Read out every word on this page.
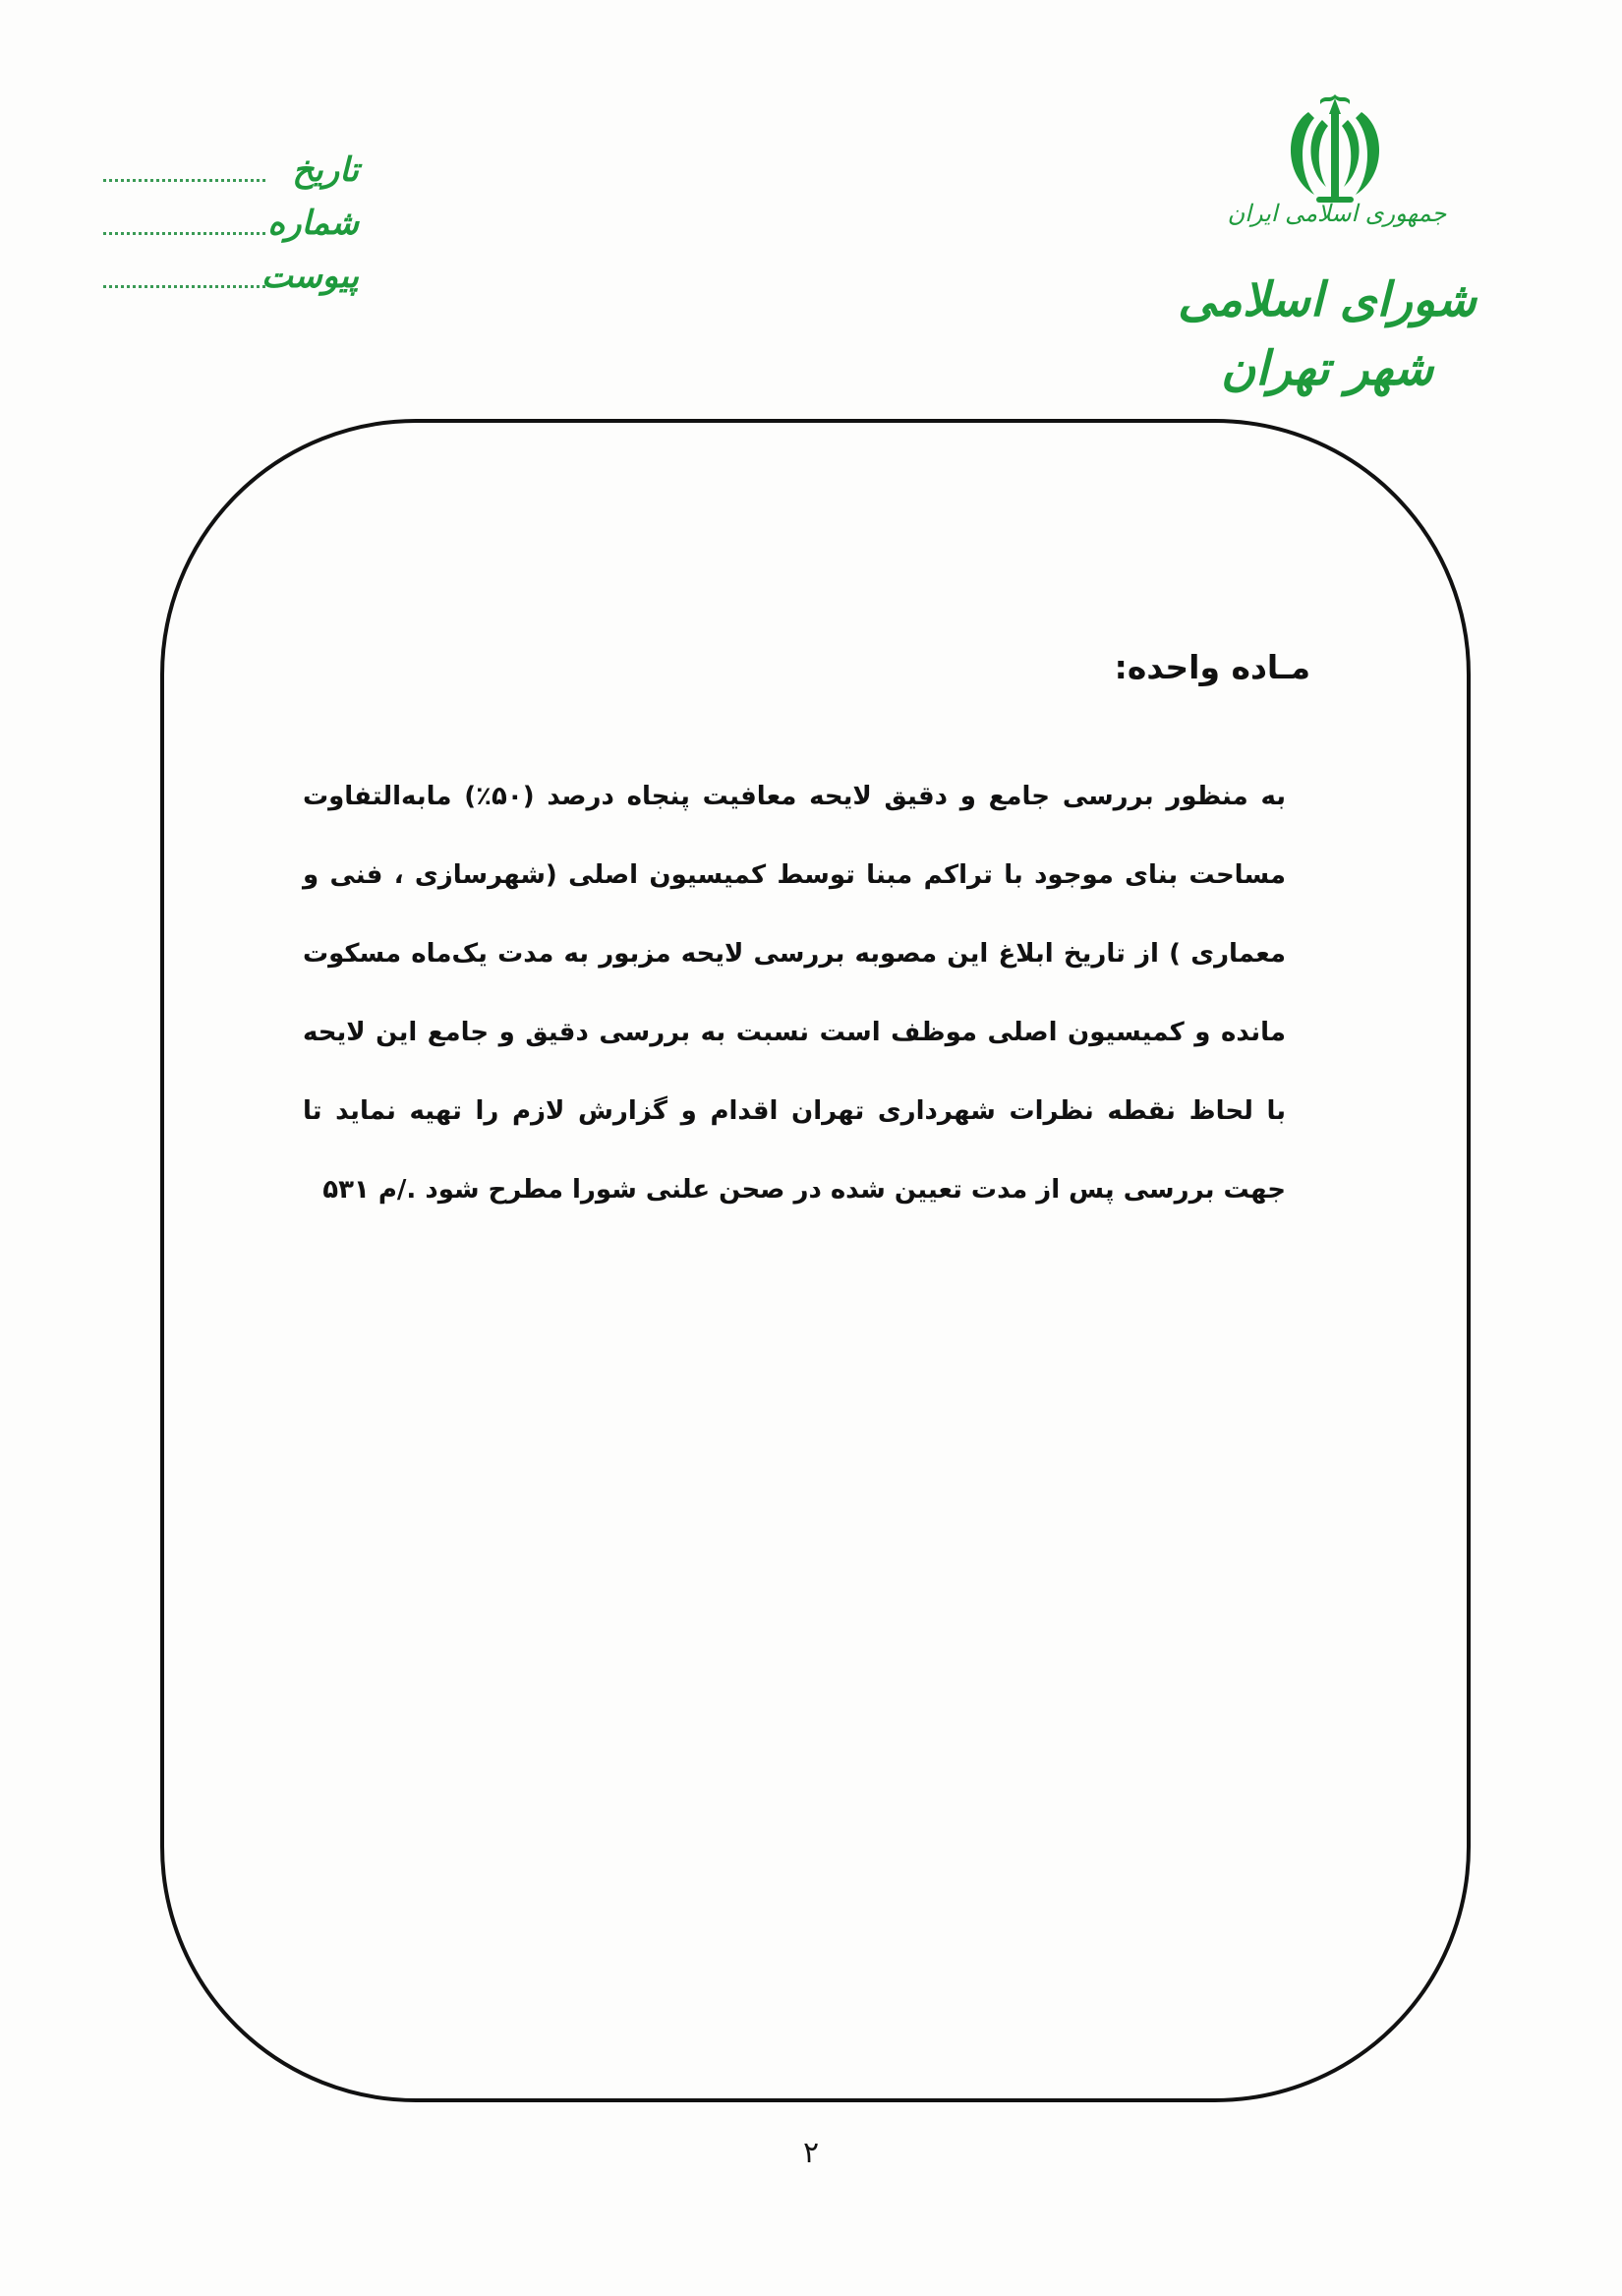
جمهوری اسلامی ایران
شورای اسلامی شهر تهران
تاریخ
شماره
پیوست
مـاده واحده:

به منظور بررسی جامع و دقیق لایحه معافیت پنجاه درصد (۵۰٪) مابه‌التفاوت مساحت بنای موجود با تراکم مبنا توسط کمیسیون اصلی (شهرسازی ، فنی و معماری ) از تاریخ ابلاغ این مصوبه بررسی لایحه مزبور به مدت یک‌ماه مسکوت مانده و کمیسیون اصلی موظف است نسبت به بررسی دقیق و جامع این لایحه با لحاظ نقطه نظرات شهرداری تهران اقدام و گزارش لازم را تهیه نماید تا جهت بررسی پس از مدت تعیین شده در صحن علنی شورا مطرح شود ‎.‏/م ۵۳۱

۲
